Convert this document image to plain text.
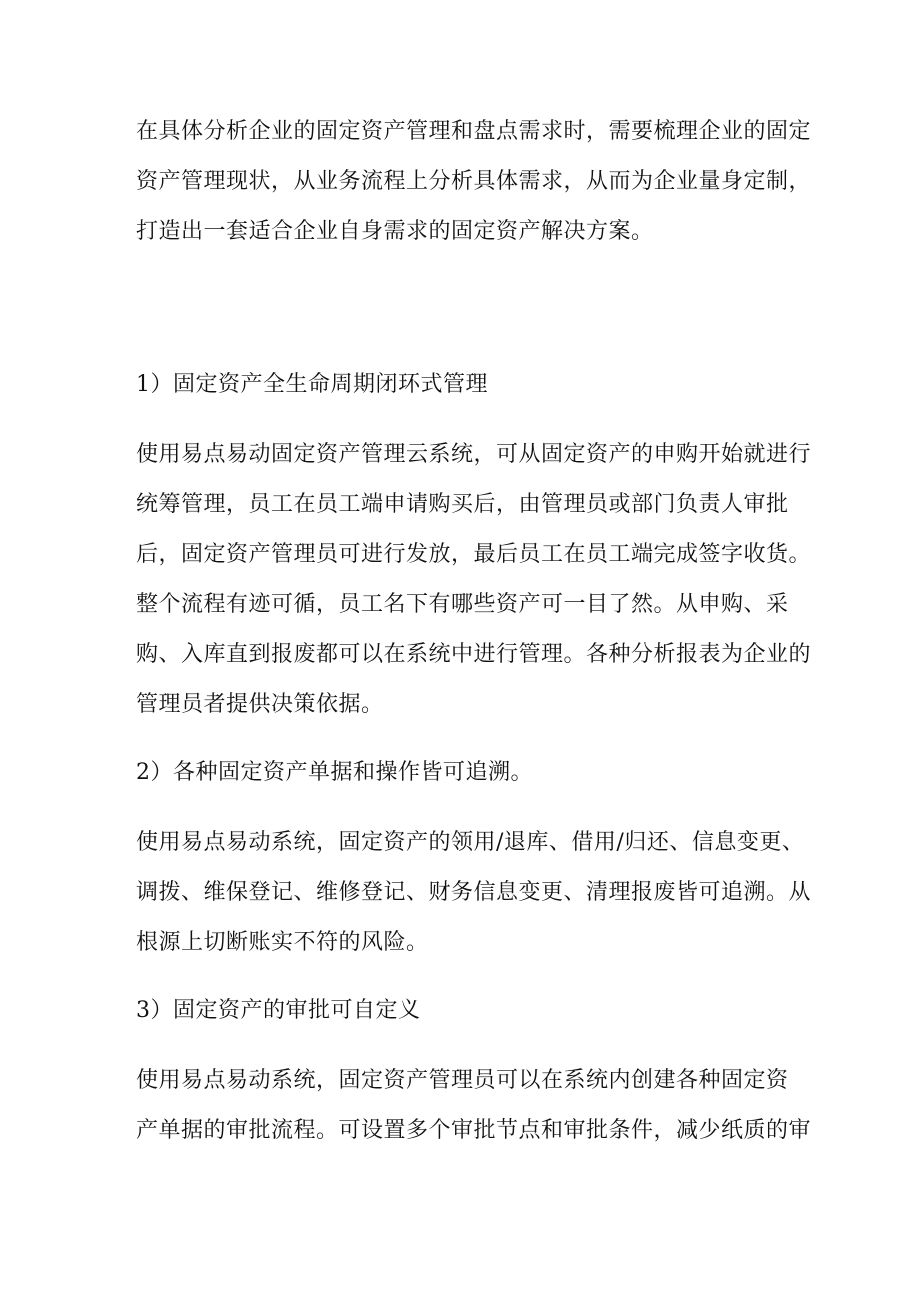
在具体分析企业的固定资产管理和盘点需求时，需要梳理企业的固定
资产管理现状，从业务流程上分析具体需求，从而为企业量身定制，
打造出一套适合企业自身需求的固定资产解决方案。
1）固定资产全生命周期闭环式管理
使用易点易动固定资产管理云系统，可从固定资产的申购开始就进行
统筹管理，员工在员工端申请购买后，由管理员或部门负责人审批
后，固定资产管理员可进行发放，最后员工在员工端完成签字收货。
整个流程有迹可循，员工名下有哪些资产可一目了然。从申购、采
购、入库直到报废都可以在系统中进行管理。各种分析报表为企业的
管理员者提供决策依据。
2）各种固定资产单据和操作皆可追溯。
使用易点易动系统，固定资产的领用/退库、借用/归还、信息变更、
调拨、维保登记、维修登记、财务信息变更、清理报废皆可追溯。从
根源上切断账实不符的风险。
3）固定资产的审批可自定义
使用易点易动系统，固定资产管理员可以在系统内创建各种固定资
产单据的审批流程。可设置多个审批节点和审批条件，减少纸质的审
